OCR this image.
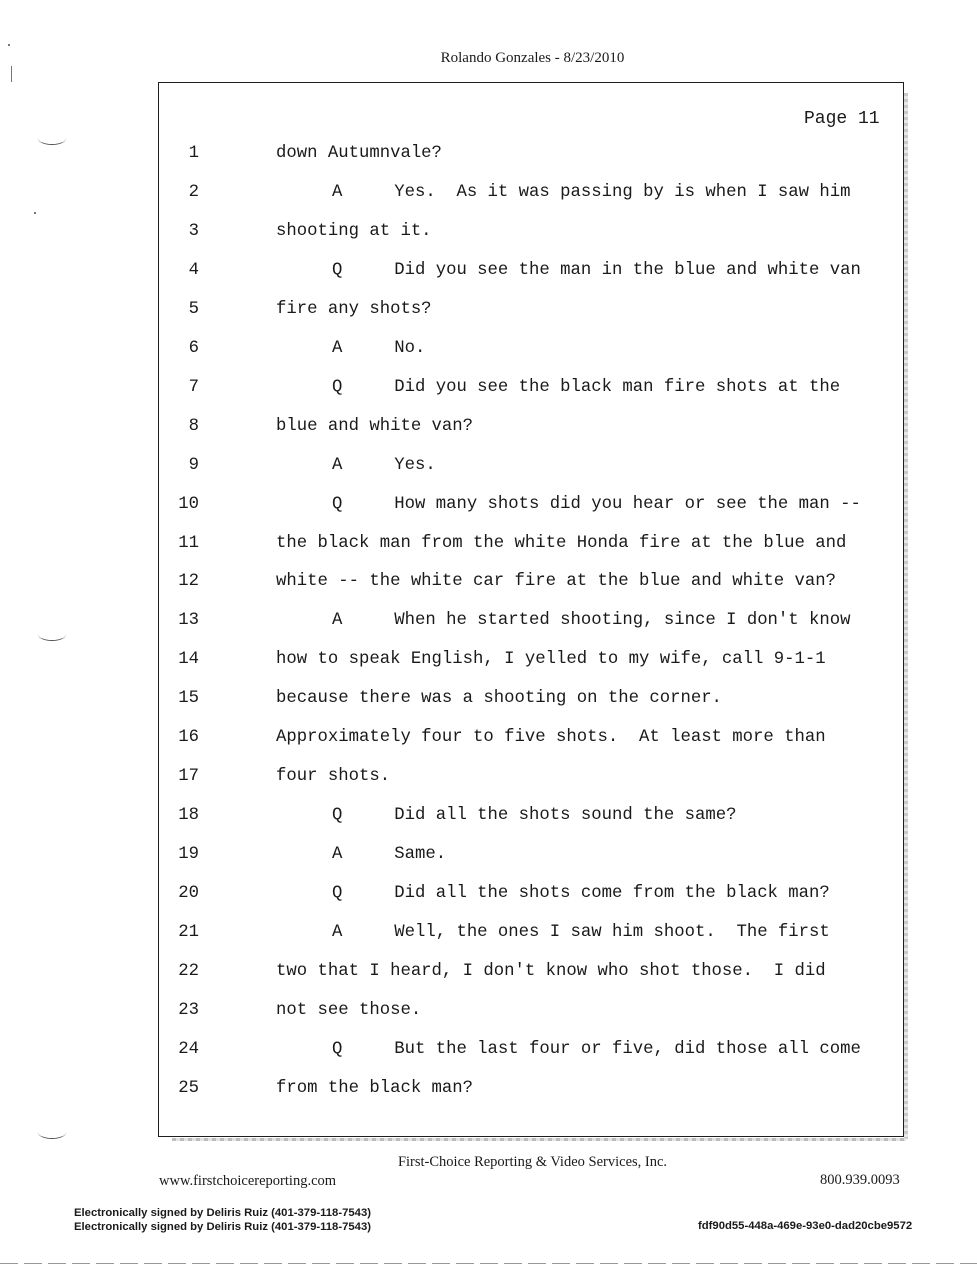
Rolando Gonzales - 8/23/2010
Page 11
1	down Autumnvale?
2	A     Yes.  As it was passing by is when I saw him
3	shooting at it.
4	Q     Did you see the man in the blue and white van
5	fire any shots?
6	A     No.
7	Q     Did you see the black man fire shots at the
8	blue and white van?
9	A     Yes.
10	Q     How many shots did you hear or see the man --
11	the black man from the white Honda fire at the blue and
12	white -- the white car fire at the blue and white van?
13	A     When he started shooting, since I don't know
14	how to speak English, I yelled to my wife, call 9-1-1
15	because there was a shooting on the corner.
16	Approximately four to five shots.  At least more than
17	four shots.
18	Q     Did all the shots sound the same?
19	A     Same.
20	Q     Did all the shots come from the black man?
21	A     Well, the ones I saw him shoot.  The first
22	two that I heard, I don't know who shot those.  I did
23	not see those.
24	Q     But the last four or five, did those all come
25	from the black man?
First-Choice Reporting & Video Services, Inc.
www.firstchoicereporting.com	800.939.0093
Electronically signed by Deliris Ruiz (401-379-118-7543)
Electronically signed by Deliris Ruiz (401-379-118-7543)	fdf90d55-448a-469e-93e0-dad20cbe9572
